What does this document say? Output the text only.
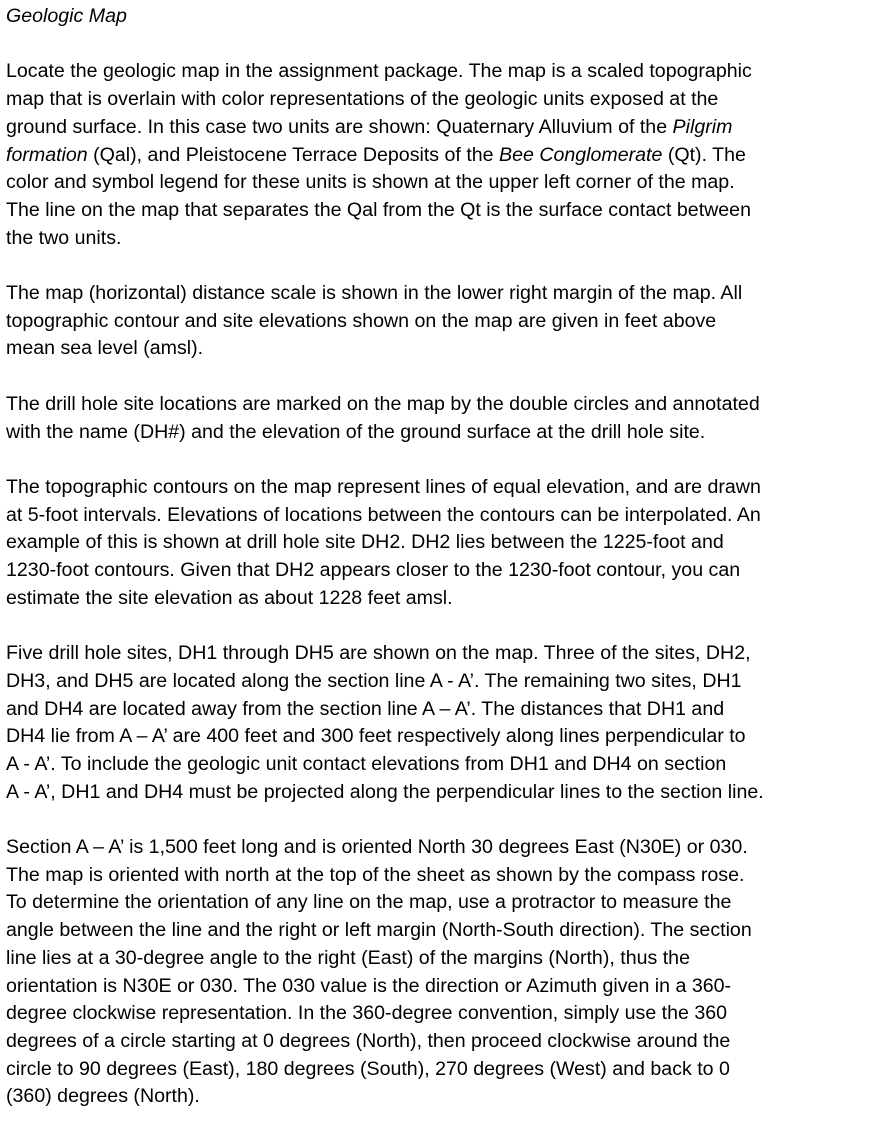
Geologic Map
Locate the geologic map in the assignment package. The map is a scaled topographic
map that is overlain with color representations of the geologic units exposed at the
ground surface. In this case two units are shown: Quaternary Alluvium of the Pilgrim
formation (Qal), and Pleistocene Terrace Deposits of the Bee Conglomerate (Qt). The
color and symbol legend for these units is shown at the upper left corner of the map.
The line on the map that separates the Qal from the Qt is the surface contact between
the two units.
The map (horizontal) distance scale is shown in the lower right margin of the map. All
topographic contour and site elevations shown on the map are given in feet above
mean sea level (amsl).
The drill hole site locations are marked on the map by the double circles and annotated
with the name (DH#) and the elevation of the ground surface at the drill hole site.
The topographic contours on the map represent lines of equal elevation, and are drawn
at 5-foot intervals. Elevations of locations between the contours can be interpolated. An
example of this is shown at drill hole site DH2. DH2 lies between the 1225-foot and
1230-foot contours. Given that DH2 appears closer to the 1230-foot contour, you can
estimate the site elevation as about 1228 feet amsl.
Five drill hole sites, DH1 through DH5 are shown on the map. Three of the sites, DH2,
DH3, and DH5 are located along the section line A - A’. The remaining two sites, DH1
and DH4 are located away from the section line A – A’. The distances that DH1 and
DH4 lie from A – A’ are 400 feet and 300 feet respectively along lines perpendicular to
A - A’. To include the geologic unit contact elevations from DH1 and DH4 on section
A - A’, DH1 and DH4 must be projected along the perpendicular lines to the section line.
Section A – A’ is 1,500 feet long and is oriented North 30 degrees East (N30E) or 030.
The map is oriented with north at the top of the sheet as shown by the compass rose.
To determine the orientation of any line on the map, use a protractor to measure the
angle between the line and the right or left margin (North-South direction). The section
line lies at a 30-degree angle to the right (East) of the margins (North), thus the
orientation is N30E or 030. The 030 value is the direction or Azimuth given in a 360-
degree clockwise representation. In the 360-degree convention, simply use the 360
degrees of a circle starting at 0 degrees (North), then proceed clockwise around the
circle to 90 degrees (East), 180 degrees (South), 270 degrees (West) and back to 0
(360) degrees (North).
